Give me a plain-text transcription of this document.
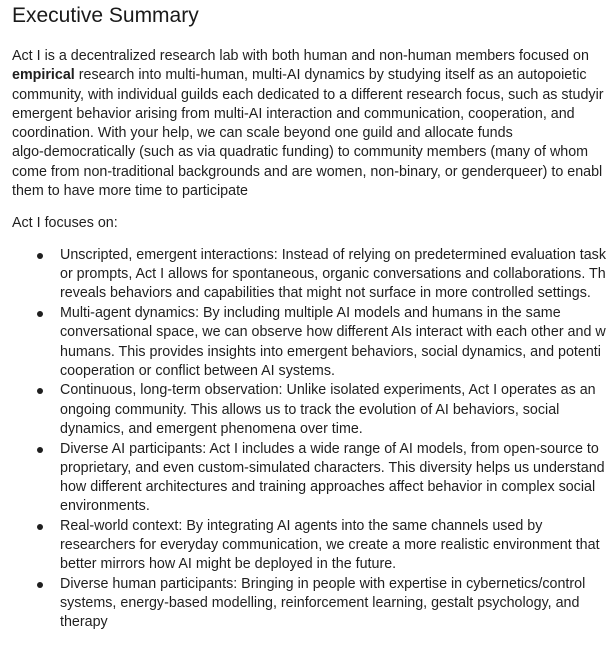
Executive Summary

Act I is a decentralized research lab with both human and non-human members focused on
empirical research into multi-human, multi-AI dynamics by studying itself as an autopoietic
community, with individual guilds each dedicated to a different research focus, such as studyir
emergent behavior arising from multi-AI interaction and communication, cooperation, and
coordination. With your help, we can scale beyond one guild and allocate funds
algo-democratically (such as via quadratic funding) to community members (many of whom
come from non-traditional backgrounds and are women, non-binary, or genderqueer) to enabl
them to have more time to participate

Act I focuses on:

Unscripted, emergent interactions: Instead of relying on predetermined evaluation task
or prompts, Act I allows for spontaneous, organic conversations and collaborations. Th
reveals behaviors and capabilities that might not surface in more controlled settings.
Multi-agent dynamics: By including multiple AI models and humans in the same
conversational space, we can observe how different AIs interact with each other and w
humans. This provides insights into emergent behaviors, social dynamics, and potenti
cooperation or conflict between AI systems.
Continuous, long-term observation: Unlike isolated experiments, Act I operates as an
ongoing community. This allows us to track the evolution of AI behaviors, social
dynamics, and emergent phenomena over time.
Diverse AI participants: Act I includes a wide range of AI models, from open-source to
proprietary, and even custom-simulated characters. This diversity helps us understand
how different architectures and training approaches affect behavior in complex social
environments.
Real-world context: By integrating AI agents into the same channels used by
researchers for everyday communication, we create a more realistic environment that
better mirrors how AI might be deployed in the future.
Diverse human participants: Bringing in people with expertise in cybernetics/control
systems, energy-based modelling, reinforcement learning, gestalt psychology, and
therapy
